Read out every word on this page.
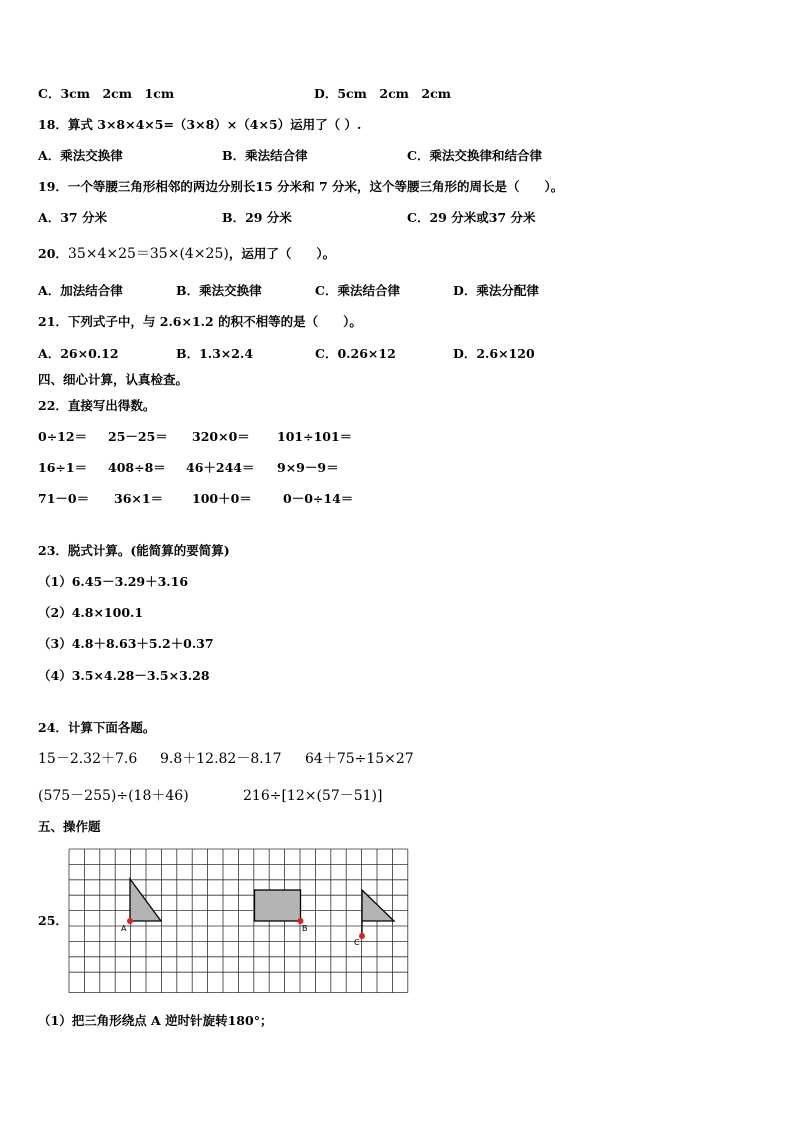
C．3cm　2cm　1cm	D．5cm　2cm　2cm
18．算式 3×8×4×5=（3×8）×（4×5）运用了（ ）.
A．乘法交换律	B．乘法结合律	C．乘法交换律和结合律
19．一个等腰三角形相邻的两边分别长15 分米和 7 分米，这个等腰三角形的周长是（　　）。
A．37 分米	B．29 分米	C．29 分米或37 分米
20．35×4×25＝35×(4×25)，运用了（　　）。
A．加法结合律	B．乘法交换律	C．乘法结合律	D．乘法分配律
21．下列式子中，与 2.6×1.2 的积不相等的是（　　）。
A．26×0.12	B．1.3×2.4	C．0.26×12	D．2.6×120
四、细心计算，认真检查。
22．直接写出得数。
0÷12＝ 25－25＝ 320×0＝ 101÷101＝
16÷1＝ 408÷8＝ 46＋244＝ 9×9－9＝
71－0＝ 36×1＝ 100＋0＝ 0－0÷14＝
23．脱式计算。(能简算的要简算)
（1）6.45－3.29＋3.16
（2）4.8×100.1
（3）4.8＋8.63＋5.2＋0.37
（4）3.5×4.28－3.5×3.28
24．计算下面各题。
15－2.32＋7.6 9.8＋12.82－8.17 64＋75÷15×27
(575－255)÷(18＋46)	216÷[12×(57－51)]
五、操作题
25．
A	B
C
（1）把三角形绕点 A 逆时针旋转180°；
